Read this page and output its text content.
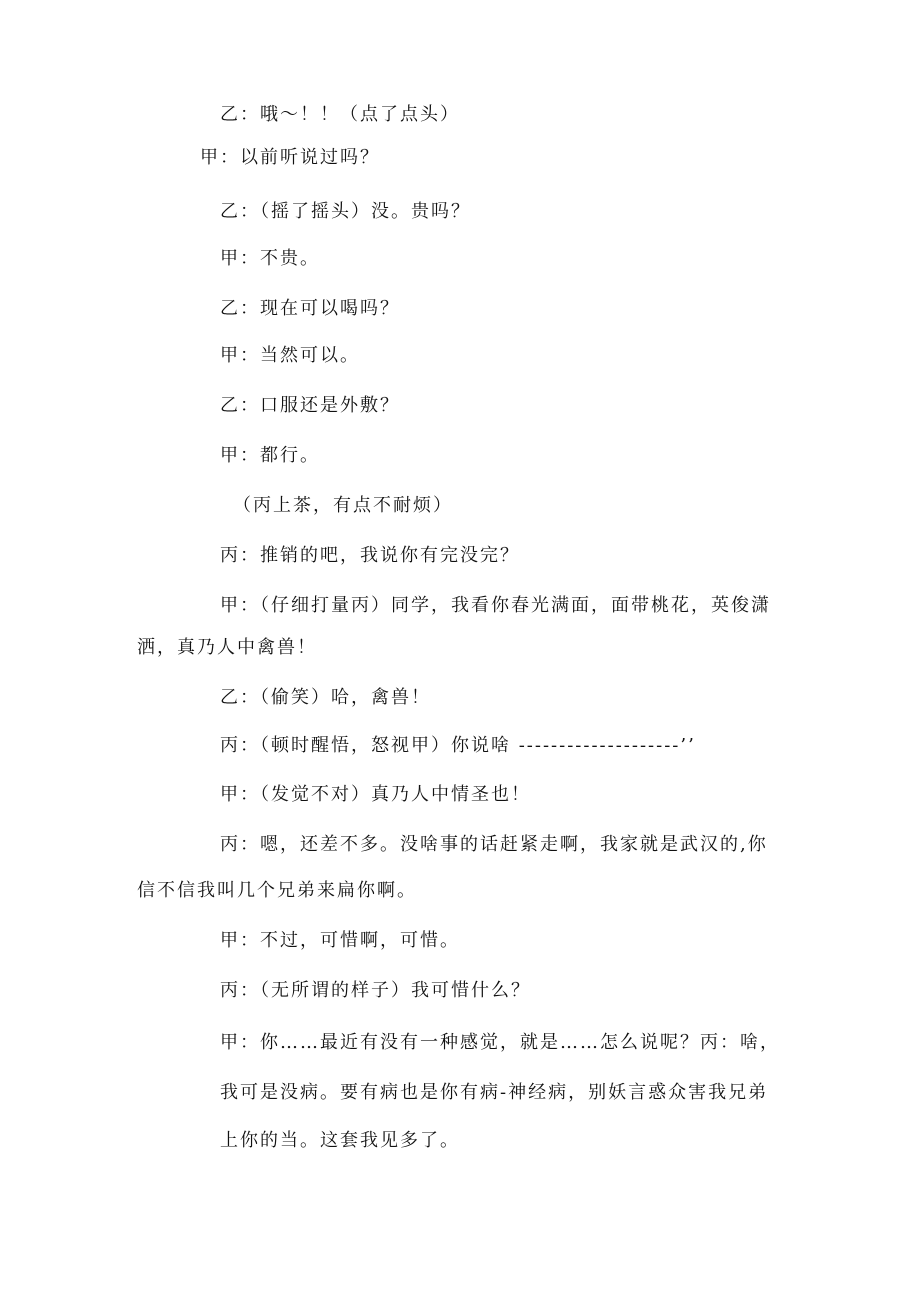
乙：哦～！！（点了点头）

甲：以前听说过吗？

乙：（摇了摇头）没。贵吗？

甲：不贵。

乙：现在可以喝吗？

甲：当然可以。

乙：口服还是外敷？

甲：都行。

（丙上茶，有点不耐烦）

丙：推销的吧，我说你有完没完？

甲：（仔细打量丙）同学，我看你春光满面，面带桃花，英俊潇

洒，真乃人中禽兽！

乙：（偷笑）哈，禽兽！

丙：（顿时醒悟，怒视甲）你说啥 --------------------’’

甲：（发觉不对）真乃人中情圣也！

丙：嗯，还差不多。没啥事的话赶紧走啊，我家就是武汉的,你

信不信我叫几个兄弟来扁你啊。

甲：不过，可惜啊，可惜。

丙：（无所谓的样子）我可惜什么？

甲：你……最近有没有一种感觉，就是……怎么说呢？丙：啥，

我可是没病。要有病也是你有病-神经病，别妖言惑众害我兄弟

上你的当。这套我见多了。
